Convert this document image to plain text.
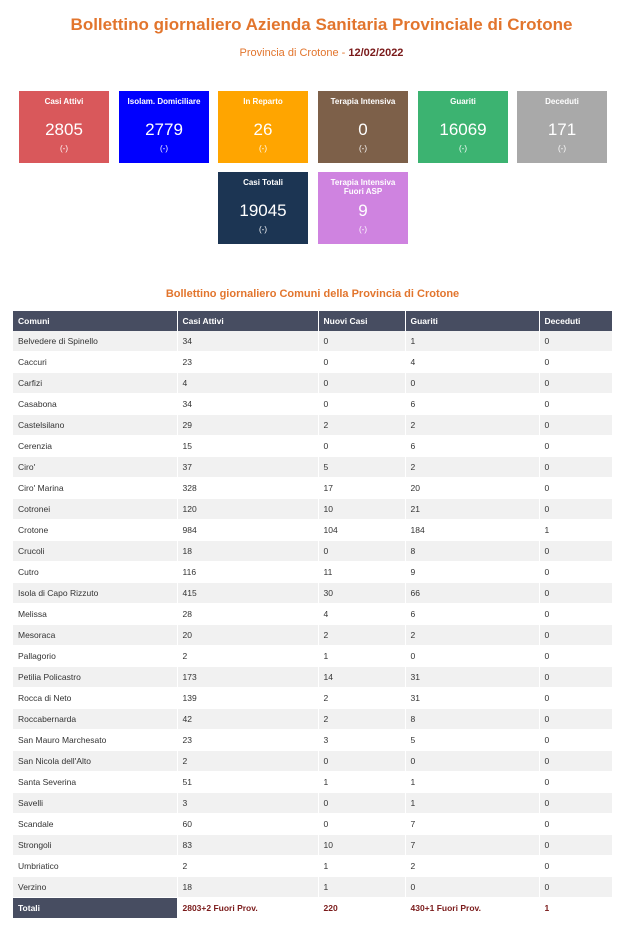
Bollettino giornaliero Azienda Sanitaria Provinciale di Crotone
Provincia di Crotone - 12/02/2022
Casi Attivi
2805
(-)
Isolam. Domiciliare
2779
(-)
In Reparto
26
(-)
Terapia Intensiva
0
(-)
Guariti
16069
(-)
Deceduti
171
(-)
Casi Totali
19045
(-)
Terapia Intensiva Fuori ASP
9
(-)
Bollettino giornaliero Comuni della Provincia di Crotone
Comuni	Casi Attivi	Nuovi Casi	Guariti	Deceduti
Belvedere di Spinello	34	0	1	0
Caccuri	23	0	4	0
Carfizi	4	0	0	0
Casabona	34	0	6	0
Castelsilano	29	2	2	0
Cerenzia	15	0	6	0
Ciro'	37	5	2	0
Ciro' Marina	328	17	20	0
Cotronei	120	10	21	0
Crotone	984	104	184	1
Crucoli	18	0	8	0
Cutro	116	11	9	0
Isola di Capo Rizzuto	415	30	66	0
Melissa	28	4	6	0
Mesoraca	20	2	2	0
Pallagorio	2	1	0	0
Petilia Policastro	173	14	31	0
Rocca di Neto	139	2	31	0
Roccabernarda	42	2	8	0
San Mauro Marchesato	23	3	5	0
San Nicola dell'Alto	2	0	0	0
Santa Severina	51	1	1	0
Savelli	3	0	1	0
Scandale	60	0	7	0
Strongoli	83	10	7	0
Umbriatico	2	1	2	0
Verzino	18	1	0	0
Totali	2803+2 Fuori Prov.	220	430+1 Fuori Prov.	1
